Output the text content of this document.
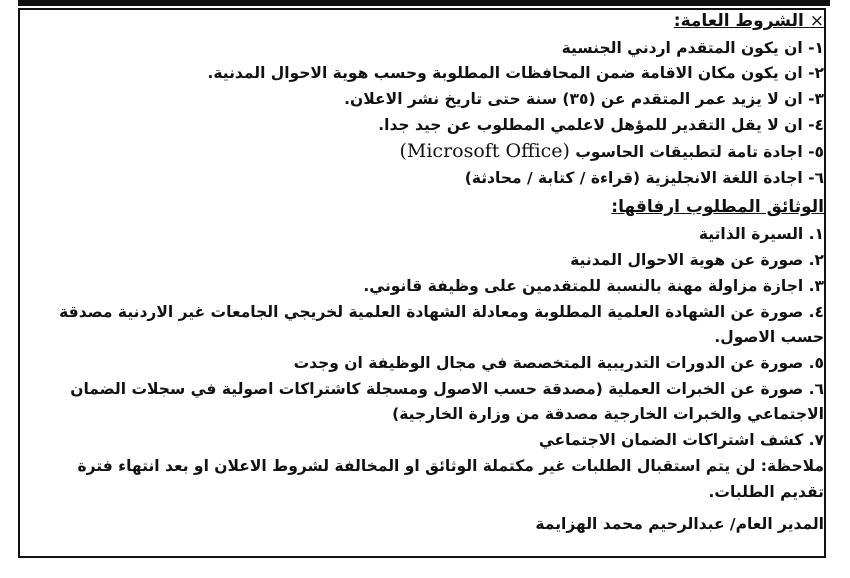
× الشروط العامة:
١- ان يكون المتقدم اردني الجنسية
٢- ان يكون مكان الاقامة ضمن المحافظات المطلوبة وحسب هوية الاحوال المدنية.
٣- ان لا يزيد عمر المتقدم عن (٣٥) سنة حتى تاريخ نشر الاعلان.
٤- ان لا يقل التقدير للمؤهل لاعلمي المطلوب عن جيد جدا.
٥- اجادة تامة لتطبيقات الحاسوب (Microsoft Office)
٦- اجادة اللغة الانجليزية (قراءة / كتابة / محادثة)
الوثائق المطلوب ارفاقها:
١. السيرة الذاتية
٢. صورة عن هوية الاحوال المدنية
٣. اجازة مزاولة مهنة بالنسبة للمتقدمين على وظيفة قانوني.
٤. صورة عن الشهادة العلمية المطلوبة ومعادلة الشهادة العلمية لخريجي الجامعات غير الاردنية مصدقة
حسب الاصول.
٥. صورة عن الدورات التدريبية المتخصصة في مجال الوظيفة ان وجدت
٦. صورة عن الخبرات العملية (مصدقة حسب الاصول ومسجلة كاشتراكات اصولية في سجلات الضمان
الاجتماعي والخبرات الخارجية مصدقة من وزارة الخارجية)
٧. كشف اشتراكات الضمان الاجتماعي
ملاحظة: لن يتم استقبال الطلبات غير مكتملة الوثائق او المخالفة لشروط الاعلان او بعد انتهاء فترة
تقديم الطلبات.
المدير العام/ عبدالرحيم محمد الهزايمة
